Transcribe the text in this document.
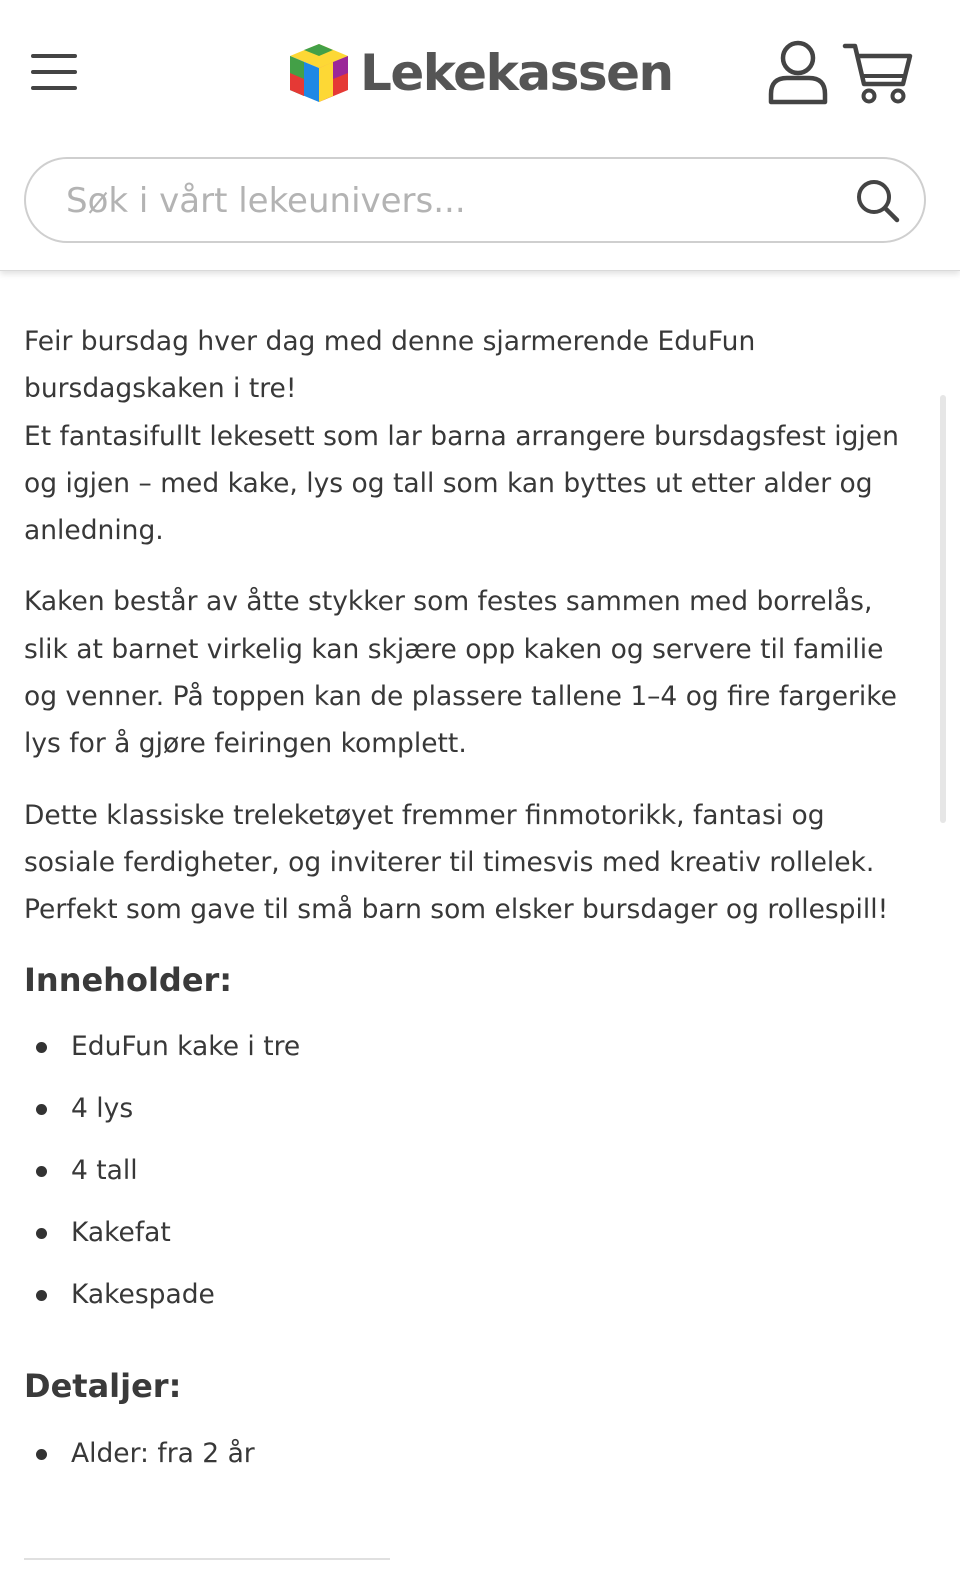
Lekekassen
Søk i vårt lekeunivers...

Feir bursdag hver dag med denne sjarmerende EduFun bursdagskaken i tre!
Et fantasifullt lekesett som lar barna arrangere bursdagsfest igjen og igjen – med kake, lys og tall som kan byttes ut etter alder og anledning.

Kaken består av åtte stykker som festes sammen med borrelås, slik at barnet virkelig kan skjære opp kaken og servere til familie og venner. På toppen kan de plassere tallene 1–4 og fire fargerike lys for å gjøre feiringen komplett.

Dette klassiske treleketøyet fremmer finmotorikk, fantasi og sosiale ferdigheter, og inviterer til timesvis med kreativ rollelek. Perfekt som gave til små barn som elsker bursdager og rollespill!

Inneholder:
EduFun kake i tre
4 lys
4 tall
Kakefat
Kakespade
Detaljer:
Alder: fra 2 år
